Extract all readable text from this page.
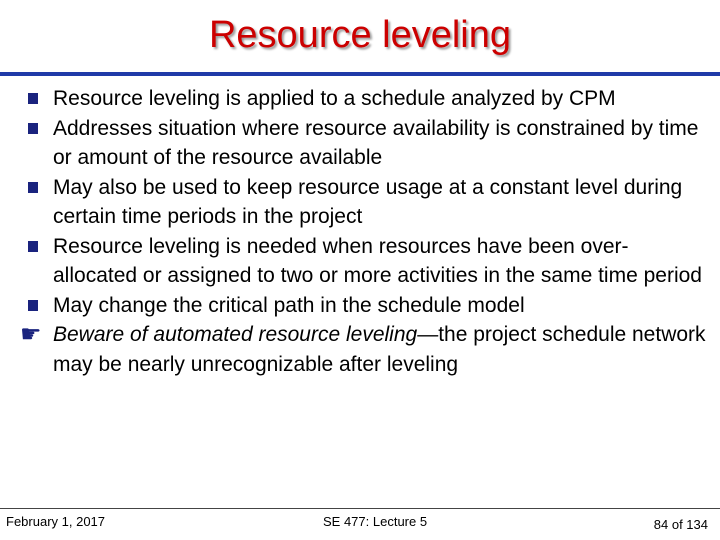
Resource leveling
Resource leveling is applied to a schedule analyzed by CPM
Addresses situation where resource availability is constrained by time or amount of the resource available
May also be used to keep resource usage at a constant level during certain time periods in the project
Resource leveling is needed when resources have been over-allocated or assigned to two or more activities in the same time period
May change the critical path in the schedule model
☛ Beware of automated resource leveling—the project schedule network may be nearly unrecognizable after leveling
February 1, 2017	SE 477: Lecture 5	84 of 134
